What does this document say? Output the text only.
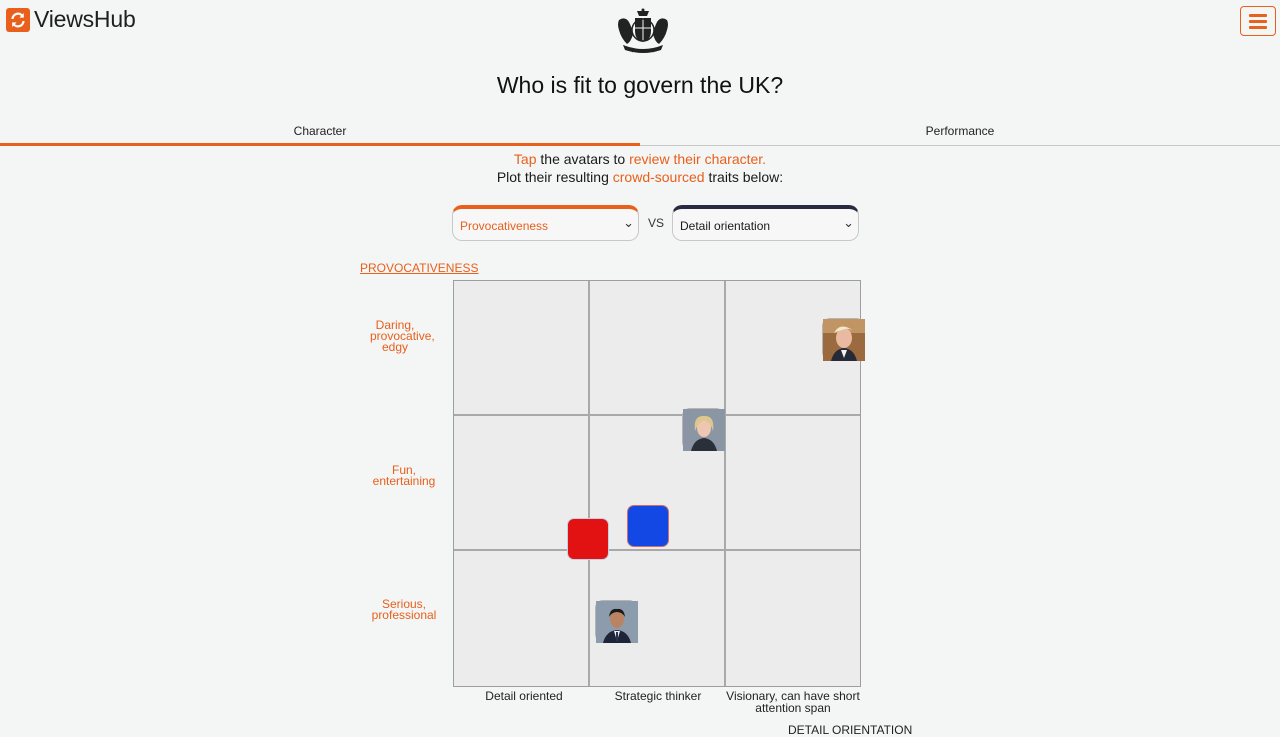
ViewsHub
Who is fit to govern the UK?
Character	Performance
Tap the avatars to review their character.
Plot their resulting crowd-sourced traits below:
Provocativeness	⌄ VS Detail orientation	⌄
PROVOCATIVENESS
Daring, provocative, edgy
Fun, entertaining
Serious, professional
Detail oriented	Strategic thinker	Visionary, can have short attention span
DETAIL ORIENTATION
